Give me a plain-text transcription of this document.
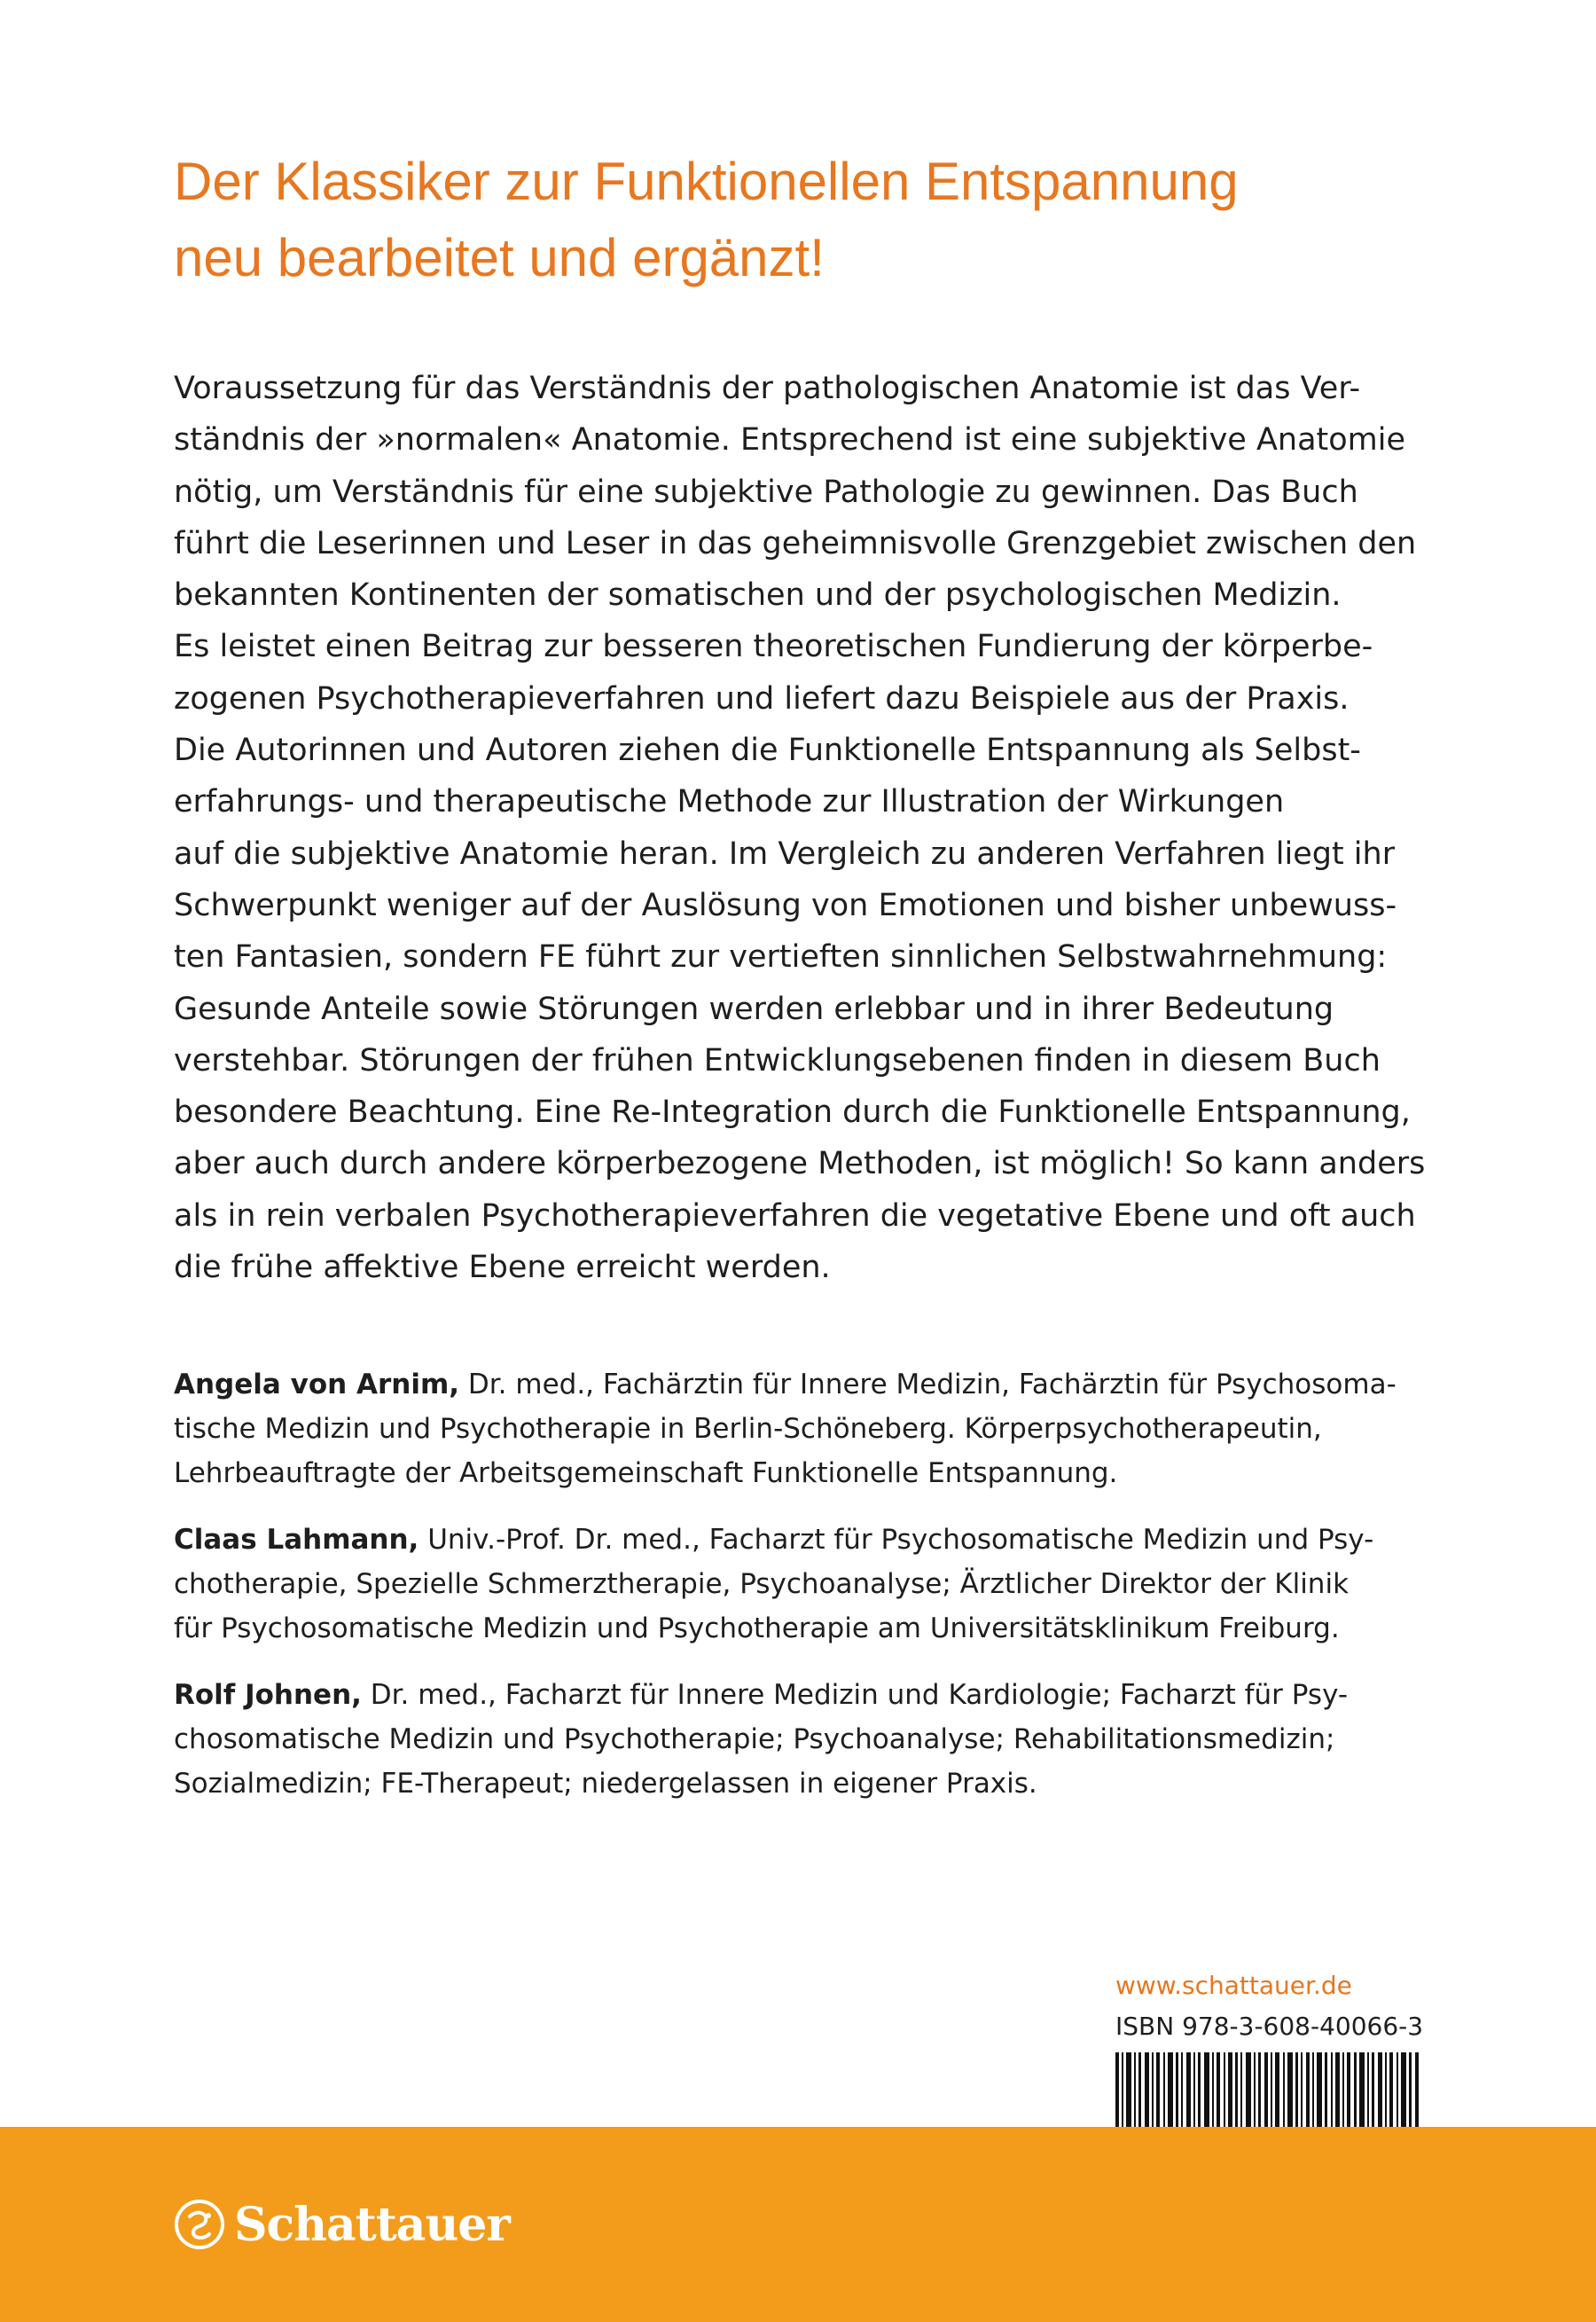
Der Klassiker zur Funktionellen Entspannung
neu bearbeitet und ergänzt!

Voraussetzung für das Verständnis der pathologischen Anatomie ist das Ver-
ständnis der »normalen« Anatomie. Entsprechend ist eine subjektive Anatomie
nötig, um Verständnis für eine subjektive Pathologie zu gewinnen. Das Buch
führt die Leserinnen und Leser in das geheimnisvolle Grenzgebiet zwischen den
bekannten Kontinenten der somatischen und der psychologischen Medizin.
Es leistet einen Beitrag zur besseren theoretischen Fundierung der körperbe-
zogenen Psychotherapieverfahren und liefert dazu Beispiele aus der Praxis.
Die Autorinnen und Autoren ziehen die Funktionelle Entspannung als Selbst-
erfahrungs- und therapeutische Methode zur Illustration der Wirkungen
auf die subjektive Anatomie heran. Im Vergleich zu anderen Verfahren liegt ihr
Schwerpunkt weniger auf der Auslösung von Emotionen und bisher unbewuss-
ten Fantasien, sondern FE führt zur vertieften sinnlichen Selbstwahrnehmung:
Gesunde Anteile sowie Störungen werden erlebbar und in ihrer Bedeutung
verstehbar. Störungen der frühen Entwicklungsebenen finden in diesem Buch
besondere Beachtung. Eine Re-Integration durch die Funktionelle Entspannung,
aber auch durch andere körperbezogene Methoden, ist möglich! So kann anders
als in rein verbalen Psychotherapieverfahren die vegetative Ebene und oft auch
die frühe affektive Ebene erreicht werden.

Angela von Arnim, Dr. med., Fachärztin für Innere Medizin, Fachärztin für Psychosoma-
tische Medizin und Psychotherapie in Berlin-Schöneberg. Körperpsychotherapeutin,
Lehrbeauftragte der Arbeitsgemeinschaft Funktionelle Entspannung.
Claas Lahmann, Univ.-Prof. Dr. med., Facharzt für Psychosomatische Medizin und Psy-
chotherapie, Spezielle Schmerztherapie, Psychoanalyse; Ärztlicher Direktor der Klinik
für Psychosomatische Medizin und Psychotherapie am Universitätsklinikum Freiburg.
Rolf Johnen, Dr. med., Facharzt für Innere Medizin und Kardiologie; Facharzt für Psy-
chosomatische Medizin und Psychotherapie; Psychoanalyse; Rehabilitationsmedizin;
Sozialmedizin; FE-Therapeut; niedergelassen in eigener Praxis.
www.schattauer.de
ISBN 978-3-608-40066-3
Schattauer
